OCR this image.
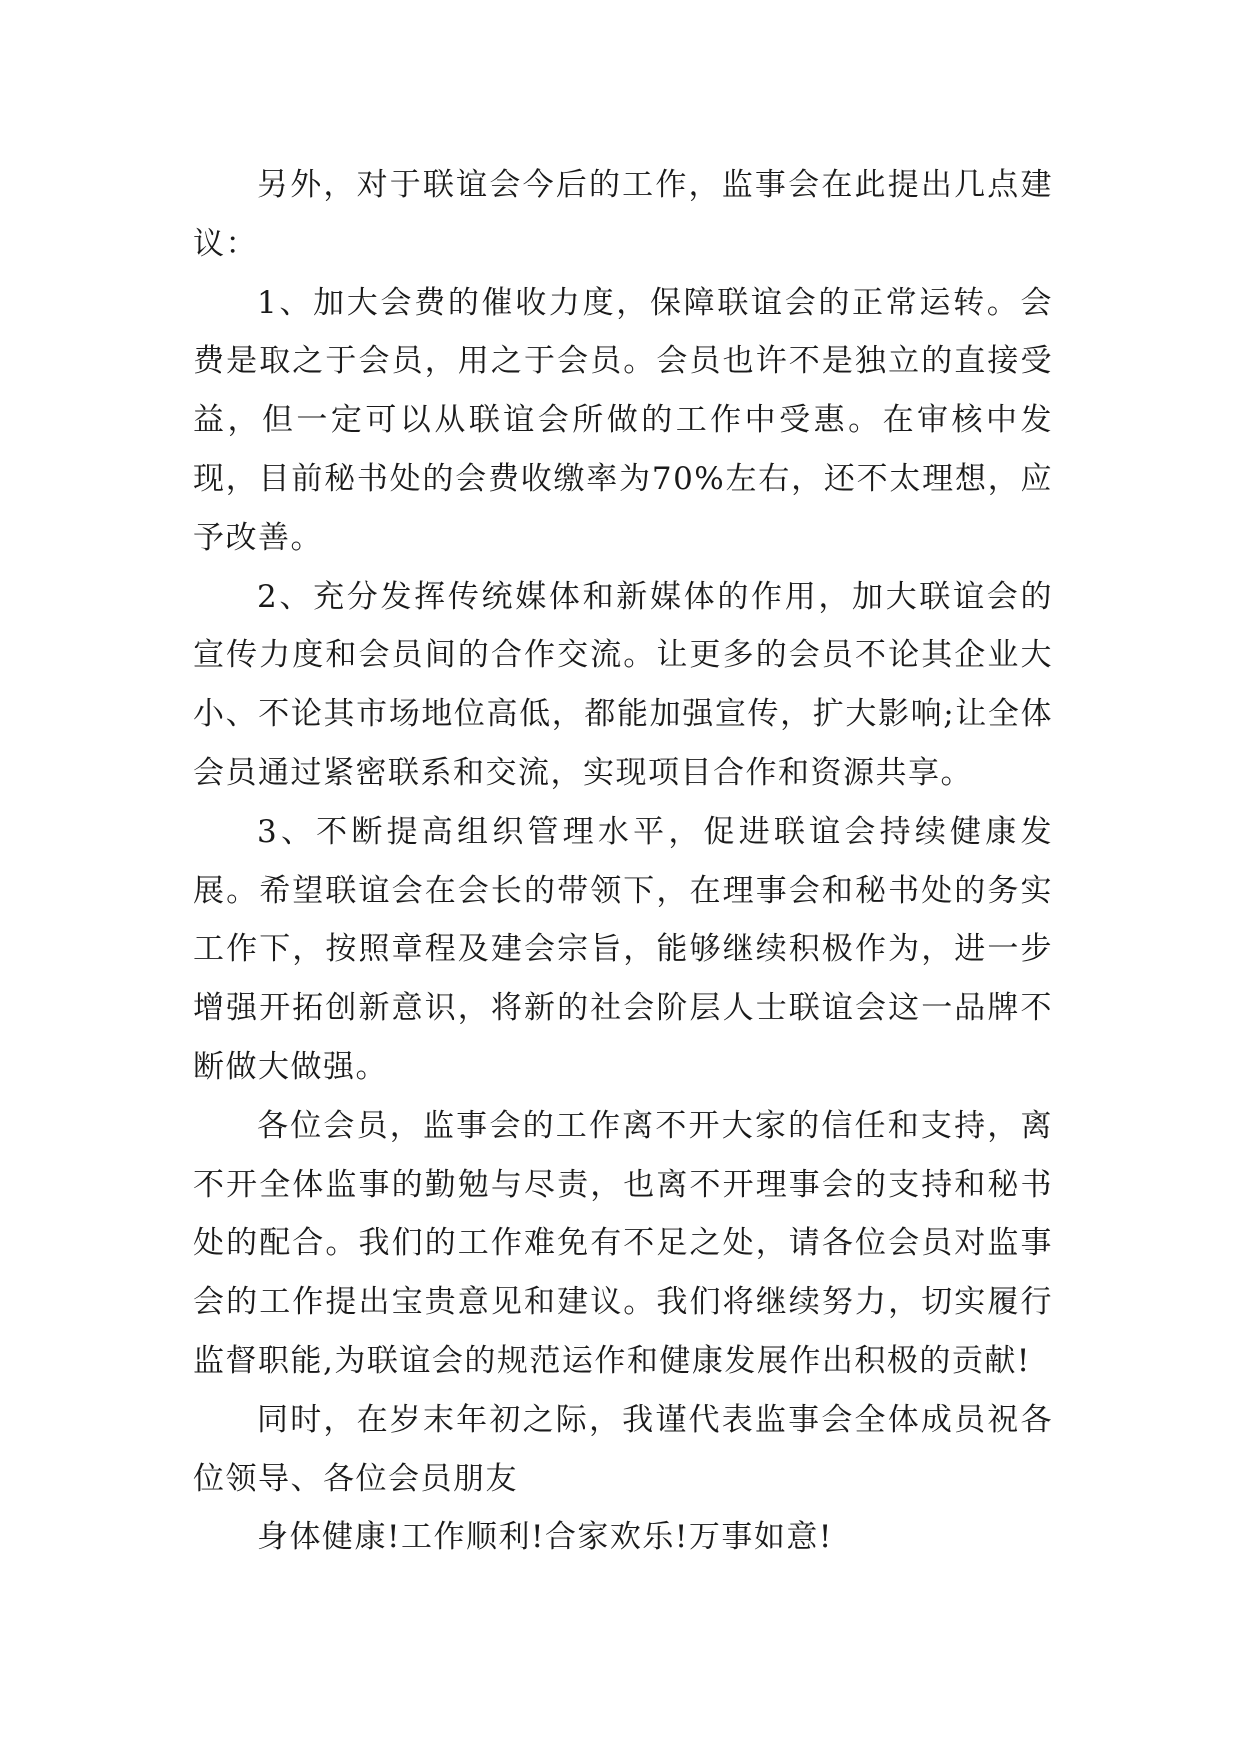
另外，对于联谊会今后的工作，监事会在此提出几点建议：

1、加大会费的催收力度，保障联谊会的正常运转。会费是取之于会员，用之于会员。会员也许不是独立的直接受益，但一定可以从联谊会所做的工作中受惠。在审核中发现，目前秘书处的会费收缴率为70%左右，还不太理想，应予改善。

2、充分发挥传统媒体和新媒体的作用，加大联谊会的宣传力度和会员间的合作交流。让更多的会员不论其企业大小、不论其市场地位高低，都能加强宣传，扩大影响;让全体会员通过紧密联系和交流，实现项目合作和资源共享。

3、不断提高组织管理水平，促进联谊会持续健康发展。希望联谊会在会长的带领下，在理事会和秘书处的务实工作下，按照章程及建会宗旨，能够继续积极作为，进一步增强开拓创新意识，将新的社会阶层人士联谊会这一品牌不断做大做强。

各位会员，监事会的工作离不开大家的信任和支持，离不开全体监事的勤勉与尽责，也离不开理事会的支持和秘书处的配合。我们的工作难免有不足之处，请各位会员对监事会的工作提出宝贵意见和建议。我们将继续努力，切实履行监督职能,为联谊会的规范运作和健康发展作出积极的贡献!

同时，在岁末年初之际，我谨代表监事会全体成员祝各位领导、各位会员朋友

身体健康!工作顺利!合家欢乐!万事如意!
